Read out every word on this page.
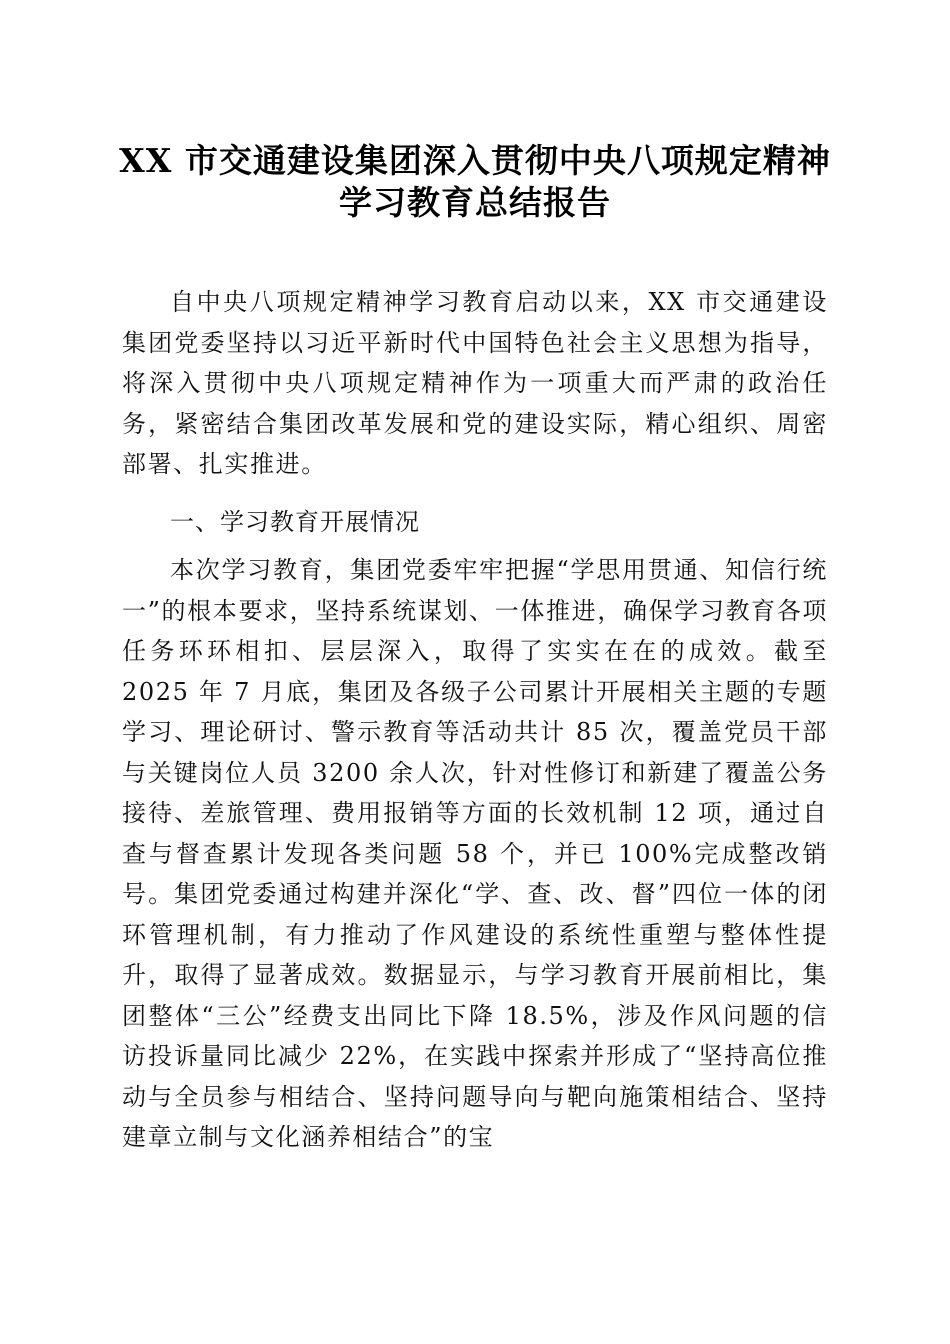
XX 市交通建设集团深入贯彻中央八项规定精神学习教育总结报告

自中央八项规定精神学习教育启动以来，XX 市交通建设集团党委坚持以习近平新时代中国特色社会主义思想为指导，将深入贯彻中央八项规定精神作为一项重大而严肃的政治任务，紧密结合集团改革发展和党的建设实际，精心组织、周密部署、扎实推进。

一、学习教育开展情况

本次学习教育，集团党委牢牢把握“学思用贯通、知信行统一”的根本要求，坚持系统谋划、一体推进，确保学习教育各项任务环环相扣、层层深入，取得了实实在在的成效。截至 2025 年 7 月底，集团及各级子公司累计开展相关主题的专题学习、理论研讨、警示教育等活动共计 85 次，覆盖党员干部与关键岗位人员 3200 余人次，针对性修订和新建了覆盖公务接待、差旅管理、费用报销等方面的长效机制 12 项，通过自查与督查累计发现各类问题 58 个，并已 100%完成整改销号。集团党委通过构建并深化“学、查、改、督”四位一体的闭环管理机制，有力推动了作风建设的系统性重塑与整体性提升，取得了显著成效。数据显示，与学习教育开展前相比，集团整体“三公”经费支出同比下降 18.5%，涉及作风问题的信访投诉量同比减少 22%，在实践中探索并形成了“坚持高位推动与全员参与相结合、坚持问题导向与靶向施策相结合、坚持建章立制与文化涵养相结合”的宝
